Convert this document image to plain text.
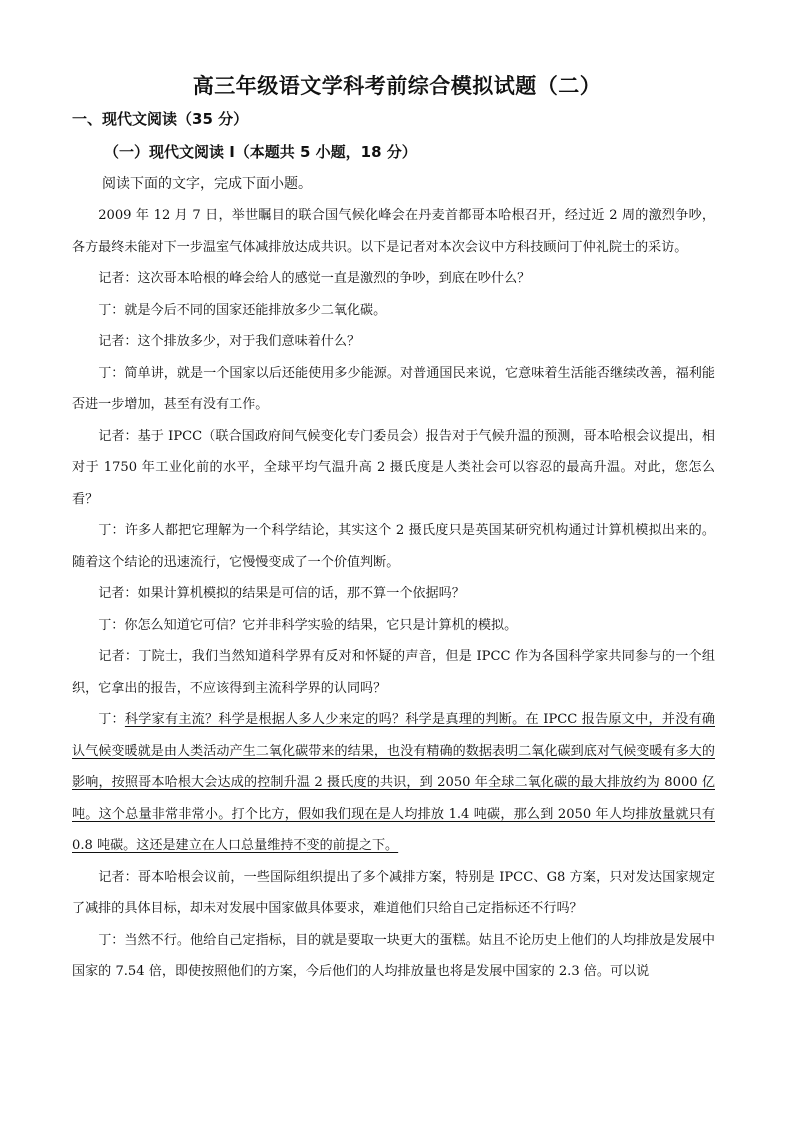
高三年级语文学科考前综合模拟试题（二）
一、现代文阅读（35 分）
（一）现代文阅读 I（本题共 5 小题，18 分）
阅读下面的文字，完成下面小题。

2009 年 12 月 7 日，举世瞩目的联合国气候化峰会在丹麦首都哥本哈根召开，经过近 2 周的激烈争吵，各方最终未能对下一步温室气体减排放达成共识。以下是记者对本次会议中方科技顾问丁仲礼院士的采访。

记者：这次哥本哈根的峰会给人的感觉一直是激烈的争吵，到底在吵什么？

丁：就是今后不同的国家还能排放多少二氧化碳。

记者：这个排放多少，对于我们意味着什么？

丁：简单讲，就是一个国家以后还能使用多少能源。对普通国民来说，它意味着生活能否继续改善，福利能否进一步增加，甚至有没有工作。

记者：基于 IPCC（联合国政府间气候变化专门委员会）报告对于气候升温的预测，哥本哈根会议提出，相对于 1750 年工业化前的水平，全球平均气温升高 2 摄氏度是人类社会可以容忍的最高升温。对此，您怎么看？

丁：许多人都把它理解为一个科学结论，其实这个 2 摄氏度只是英国某研究机构通过计算机模拟出来的。随着这个结论的迅速流行，它慢慢变成了一个价值判断。

记者：如果计算机模拟的结果是可信的话，那不算一个依据吗？

丁：你怎么知道它可信？它并非科学实验的结果，它只是计算机的模拟。

记者：丁院士，我们当然知道科学界有反对和怀疑的声音，但是 IPCC 作为各国科学家共同参与的一个组织，它拿出的报告，不应该得到主流科学界的认同吗？

丁：科学家有主流？科学是根据人多人少来定的吗？科学是真理的判断。在 IPCC 报告原文中，并没有确认气候变暖就是由人类活动产生二氧化碳带来的结果，也没有精确的数据表明二氧化碳到底对气候变暖有多大的影响，按照哥本哈根大会达成的控制升温 2 摄氏度的共识，到 2050 年全球二氧化碳的最大排放约为 8000 亿吨。这个总量非常非常小。打个比方，假如我们现在是人均排放 1.4 吨碳，那么到 2050 年人均排放量就只有 0.8 吨碳。这还是建立在人口总量维持不变的前提之下。

记者：哥本哈根会议前，一些国际组织提出了多个减排方案，特别是 IPCC、G8 方案，只对发达国家规定了减排的具体目标，却未对发展中国家做具体要求，难道他们只给自己定指标还不行吗？

丁：当然不行。他给自己定指标，目的就是要取一块更大的蛋糕。姑且不论历史上他们的人均排放是发展中国家的 7.54 倍，即使按照他们的方案，今后他们的人均排放量也将是发展中国家的 2.3 倍。可以说
